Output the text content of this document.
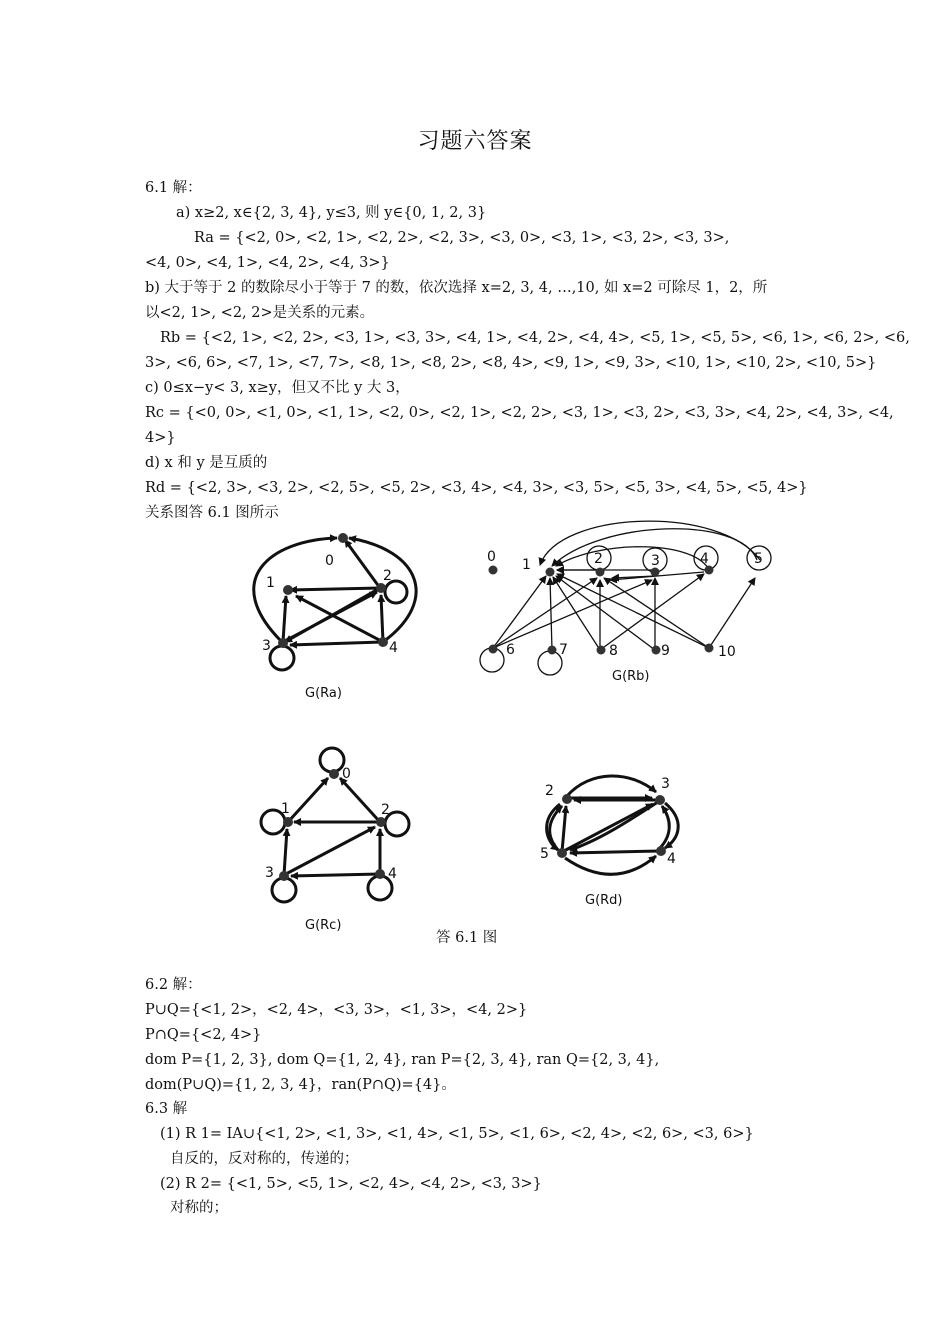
习题六答案
6.1 解：
a) x≥2, x∈{2, 3, 4}, y≤3, 则 y∈{0, 1, 2, 3}
Ra = {<2, 0>, <2, 1>, <2, 2>, <2, 3>, <3, 0>, <3, 1>, <3, 2>, <3, 3>,
<4, 0>, <4, 1>, <4, 2>, <4, 3>}
b) 大于等于 2 的数除尽小于等于 7 的数，依次选择 x=2, 3, 4, …,10, 如 x=2 可除尽 1，2，所
以<2, 1>, <2, 2>是关系的元素。
Rb = {<2, 1>, <2, 2>, <3, 1>, <3, 3>, <4, 1>, <4, 2>, <4, 4>, <5, 1>, <5, 5>, <6, 1>, <6, 2>, <6,
3>, <6, 6>, <7, 1>, <7, 7>, <8, 1>, <8, 2>, <8, 4>, <9, 1>, <9, 3>, <10, 1>, <10, 2>, <10, 5>}
c) 0≤x−y< 3, x≥y，但又不比 y 大 3，
Rc = {<0, 0>, <1, 0>, <1, 1>, <2, 0>, <2, 1>, <2, 2>, <3, 1>, <3, 2>, <3, 3>, <4, 2>, <4, 3>, <4,
4>}
d) x 和 y 是互质的
Rd = {<2, 3>, <3, 2>, <2, 5>, <5, 2>, <3, 4>, <4, 3>, <3, 5>, <5, 3>, <4, 5>, <5, 4>}
关系图答 6.1 图所示
0
1	2
3	4
0 1	2	3	4	5
6	7	8	9	10
0
1	2
3	4
2	3
5	4
G(Ra)
G(Rb)
G(Rc)
G(Rd)
答 6.1 图
6.2 解：
P∪Q={<1, 2>，<2, 4>，<3, 3>，<1, 3>，<4, 2>}
P∩Q={<2, 4>}
dom P={1, 2, 3}, dom Q={1, 2, 4}, ran P={2, 3, 4}, ran Q={2, 3, 4},
dom(P∪Q)={1, 2, 3, 4}，ran(P∩Q)={4}。
6.3 解
(1) R 1= IA∪{<1, 2>, <1, 3>, <1, 4>, <1, 5>, <1, 6>, <2, 4>, <2, 6>, <3, 6>}
自反的，反对称的，传递的；
(2) R 2= {<1, 5>, <5, 1>, <2, 4>, <4, 2>, <3, 3>}
对称的；
